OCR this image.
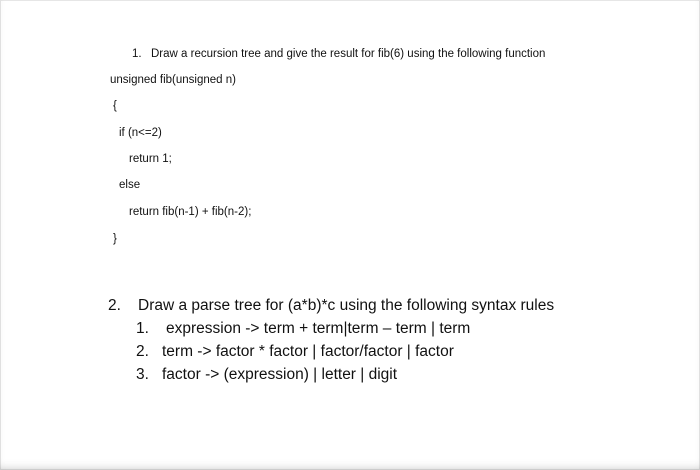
1. Draw a recursion tree and give the result for fib(6) using the following function
unsigned fib(unsigned n)
{
if (n<=2)
return 1;
else
return fib(n-1) + fib(n-2);
}
2. Draw a parse tree for (a*b)*c using the following syntax rules
1. expression -> term + term|term – term | term
2. term -> factor * factor | factor/factor | factor
3. factor -> (expression) | letter | digit
